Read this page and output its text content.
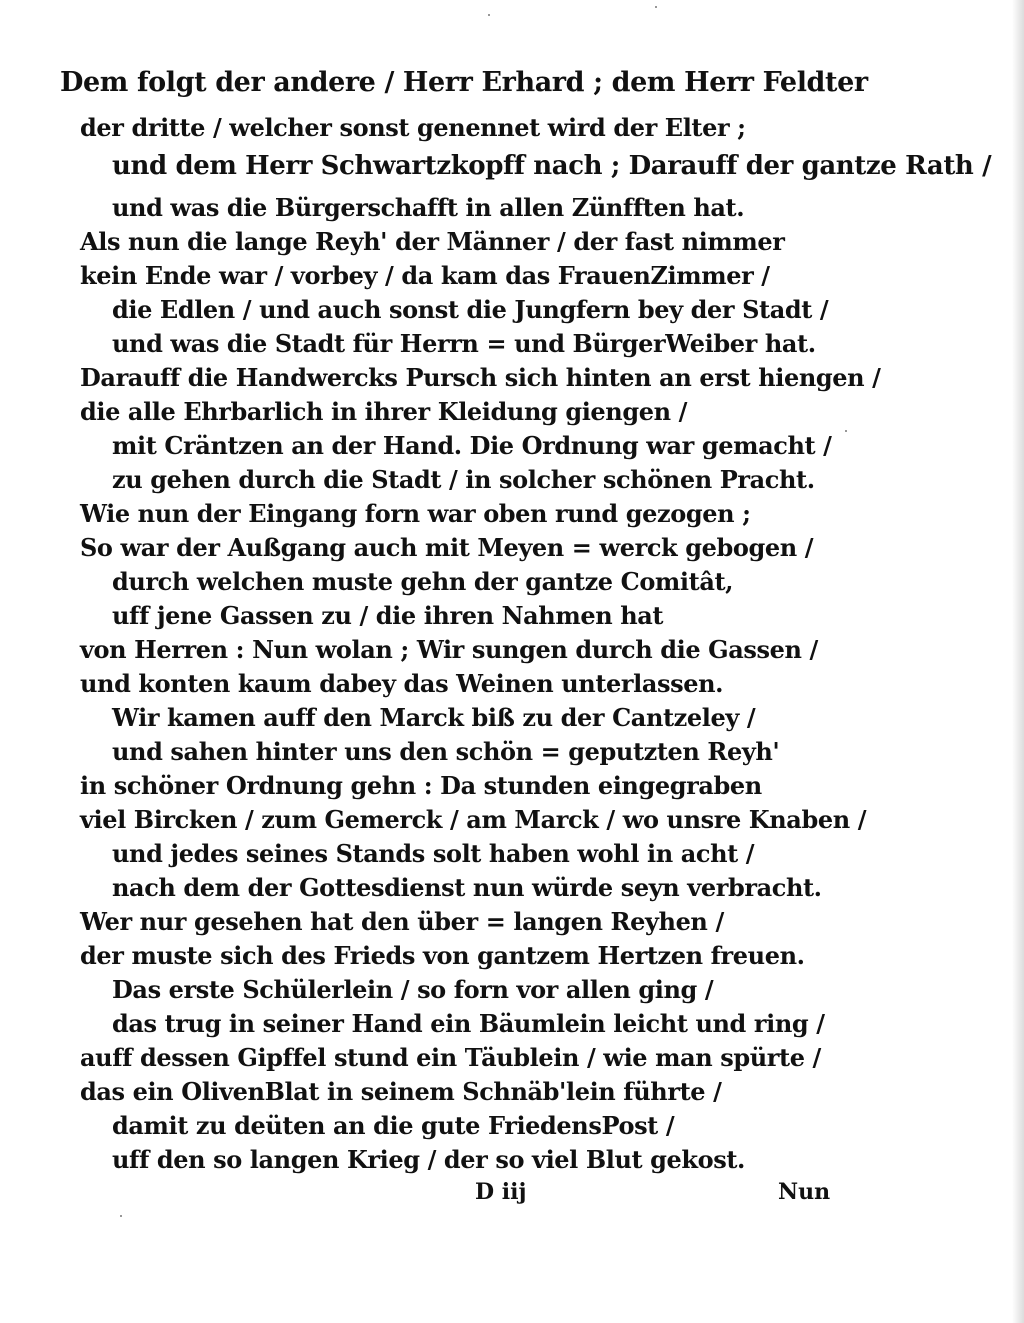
Dem folgt der andere / Herr Erhard ; dem Herr Feldter
der dritte / welcher sonst genennet wird der Elter ;
und dem Herr Schwartzkopff nach ; Darauff der gantze Rath /
und was die Bürgerschafft in allen Zünfften hat.
Als nun die lange Reyh' der Männer / der fast nimmer
kein Ende war / vorbey / da kam das FrauenZimmer /
die Edlen / und auch sonst die Jungfern bey der Stadt /
und was die Stadt für Herrn = und BürgerWeiber hat.
Darauff die Handwercks Pursch sich hinten an erst hiengen /
die alle Ehrbarlich in ihrer Kleidung giengen /
mit Cräntzen an der Hand. Die Ordnung war gemacht /
zu gehen durch die Stadt / in solcher schönen Pracht.
Wie nun der Eingang forn war oben rund gezogen ;
So war der Außgang auch mit Meyen = werck gebogen /
durch welchen muste gehn der gantze Comitât,
uff jene Gassen zu / die ihren Nahmen hat
von Herren : Nun wolan ; Wir sungen durch die Gassen /
und konten kaum dabey das Weinen unterlassen.
Wir kamen auff den Marck biß zu der Cantzeley /
und sahen hinter uns den schön = geputzten Reyh'
in schöner Ordnung gehn : Da stunden eingegraben
viel Bircken / zum Gemerck / am Marck / wo unsre Knaben /
und jedes seines Stands solt haben wohl in acht /
nach dem der Gottesdienst nun würde seyn verbracht.
Wer nur gesehen hat den über = langen Reyhen /
der muste sich des Frieds von gantzem Hertzen freuen.
Das erste Schülerlein / so forn vor allen ging /
das trug in seiner Hand ein Bäumlein leicht und ring /
auff dessen Gipffel stund ein Täublein / wie man spürte /
das ein OlivenBlat in seinem Schnäb'lein führte /
damit zu deüten an die gute FriedensPost /
uff den so langen Krieg / der so viel Blut gekost.
D iij	Nun
